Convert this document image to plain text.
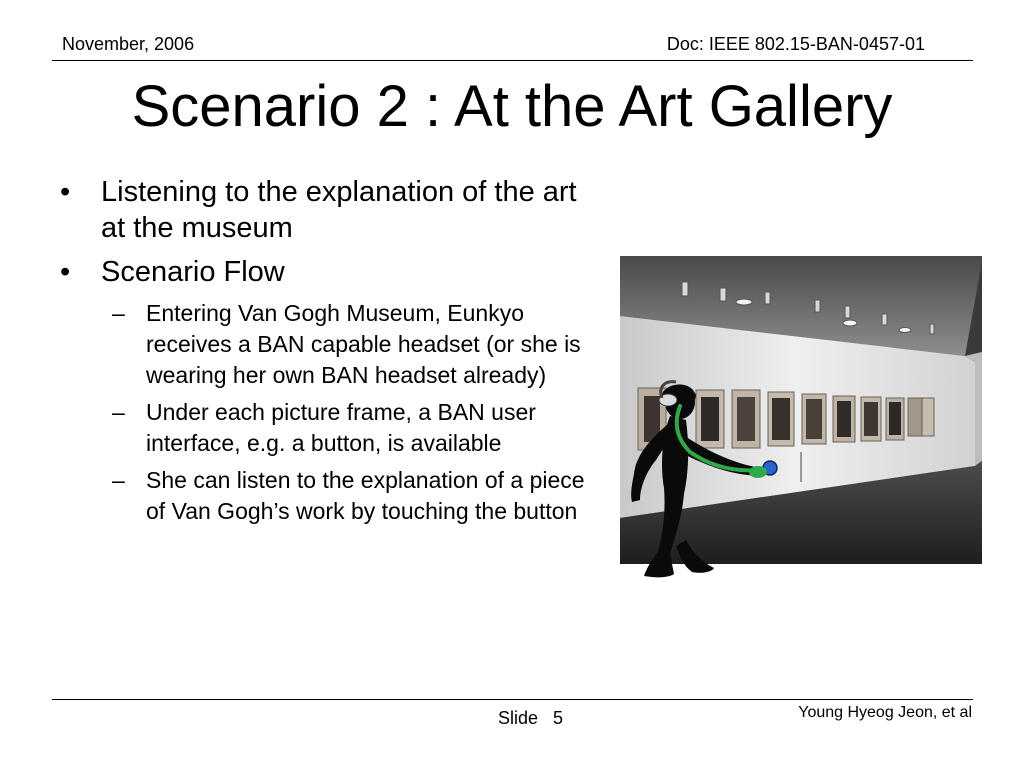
November, 2006	Doc: IEEE 802.15-BAN-0457-01
Scenario 2 : At the Art Gallery
• Listening to the explanation of the art at the museum
• Scenario Flow
– Entering Van Gogh Museum, Eunkyo receives a BAN capable headset (or she is wearing her own BAN headset already)
– Under each picture frame, a BAN user interface, e.g. a button, is available
– She can listen to the explanation of a piece of Van Gogh’s work by touching the button
Slide 5	Young Hyeog Jeon, et al
